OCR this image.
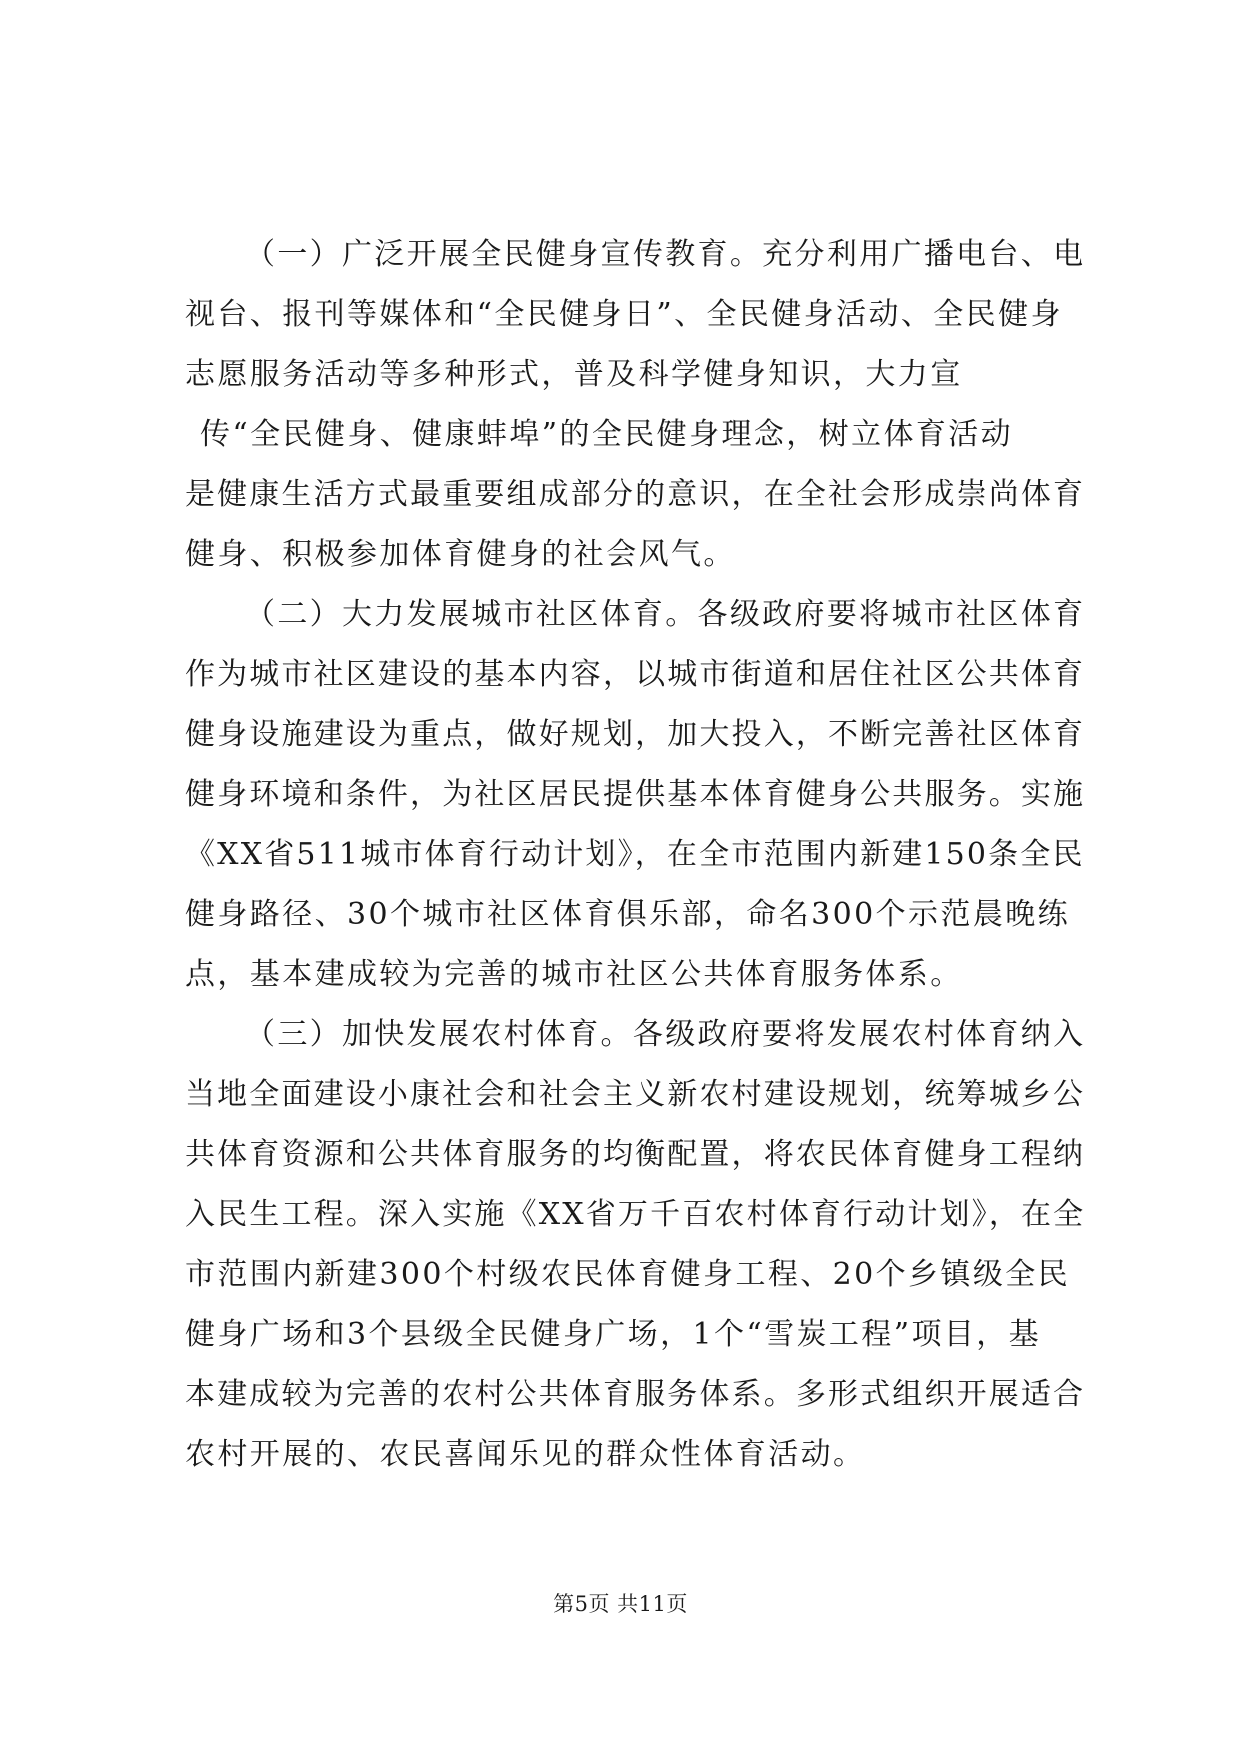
（一）广泛开展全民健身宣传教育。充分利用广播电台、电
视台、报刊等媒体和“全民健身日”、全民健身活动、全民健身
志愿服务活动等多种形式，普及科学健身知识，大力宣
传“全民健身、健康蚌埠”的全民健身理念，树立体育活动
是健康生活方式最重要组成部分的意识，在全社会形成崇尚体育
健身、积极参加体育健身的社会风气。
（二）大力发展城市社区体育。各级政府要将城市社区体育
作为城市社区建设的基本内容，以城市街道和居住社区公共体育
健身设施建设为重点，做好规划，加大投入，不断完善社区体育
健身环境和条件，为社区居民提供基本体育健身公共服务。实施
《XX省511城市体育行动计划》，在全市范围内新建150条全民
健身路径、30个城市社区体育俱乐部，命名300个示范晨晚练
点，基本建成较为完善的城市社区公共体育服务体系。
（三）加快发展农村体育。各级政府要将发展农村体育纳入
当地全面建设小康社会和社会主义新农村建设规划，统筹城乡公
共体育资源和公共体育服务的均衡配置，将农民体育健身工程纳
入民生工程。深入实施《XX省万千百农村体育行动计划》，在全
市范围内新建300个村级农民体育健身工程、20个乡镇级全民
健身广场和3个县级全民健身广场，1个“雪炭工程”项目，基
本建成较为完善的农村公共体育服务体系。多形式组织开展适合
农村开展的、农民喜闻乐见的群众性体育活动。
第5页 共11页
